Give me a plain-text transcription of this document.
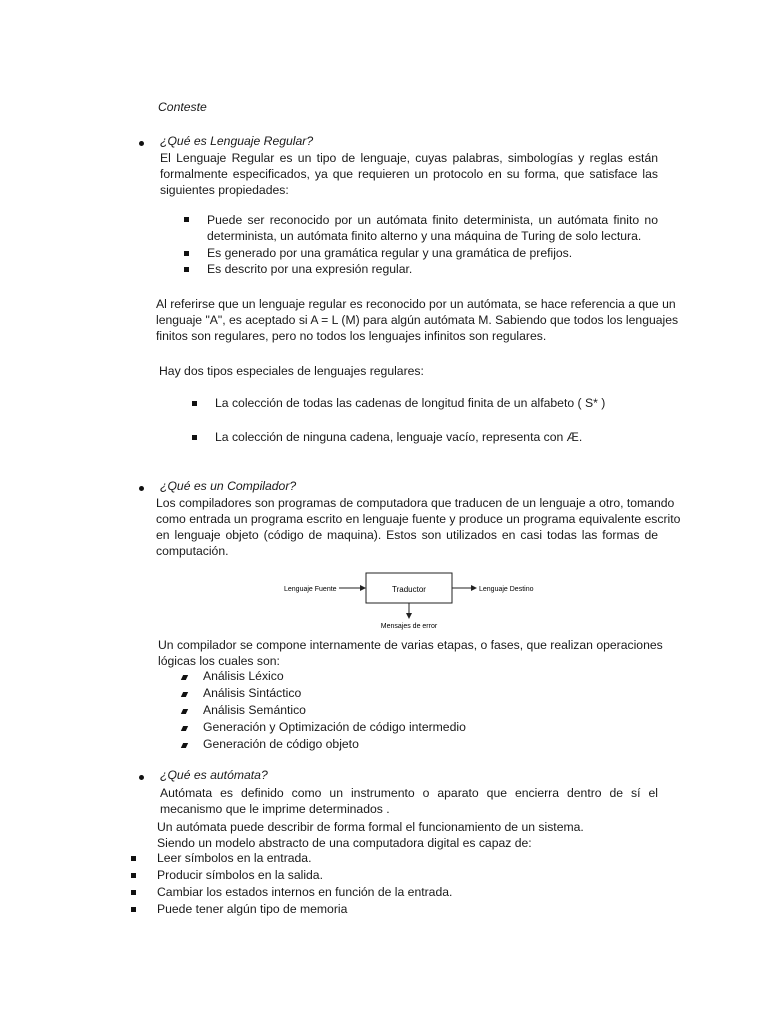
Conteste
¿Qué es Lenguaje Regular?
El Lenguaje Regular es un tipo de lenguaje, cuyas palabras, simbologías y reglas están
formalmente especificados, ya que requieren un protocolo en su forma, que satisface las
siguientes propiedades:
Puede ser reconocido por un autómata finito determinista, un autómata finito no
determinista, un autómata finito alterno y una máquina de Turing de solo lectura.
Es generado por una gramática regular y una gramática de prefijos.
Es descrito por una expresión regular.
Al referirse que un lenguaje regular es reconocido por un autómata, se hace referencia a que un
lenguaje "A", es aceptado si A = L (M) para algún autómata M. Sabiendo que todos los lenguajes
finitos son regulares, pero no todos los lenguajes infinitos son regulares.
Hay dos tipos especiales de lenguajes regulares:
La colección de todas las cadenas de longitud finita de un alfabeto ( S* )
La colección de ninguna cadena, lenguaje vacío, representa con Æ.
¿Qué es un Compilador?
Los compiladores son programas de computadora que traducen de un lenguaje a otro, tomando
como entrada un programa escrito en lenguaje fuente y produce un programa equivalente escrito
en lenguaje objeto (código de maquina). Estos son utilizados en casi todas las formas de
computación.
Traductor
Lenguaje Fuente	Lenguaje Destino
Mensajes de error
Un compilador se compone internamente de varias etapas, o fases, que realizan operaciones
lógicas los cuales son:
Análisis Léxico
Análisis Sintáctico
Análisis Semántico
Generación y Optimización de código intermedio
Generación de código objeto
¿Qué es autómata?
Autómata es definido como un instrumento o aparato que encierra dentro de sí el
mecanismo que le imprime determinados .
Un autómata puede describir de forma formal el funcionamiento de un sistema.
Siendo un modelo abstracto de una computadora digital es capaz de:
Leer símbolos en la entrada.
Producir símbolos en la salida.
Cambiar los estados internos en función de la entrada.
Puede tener algún tipo de memoria
